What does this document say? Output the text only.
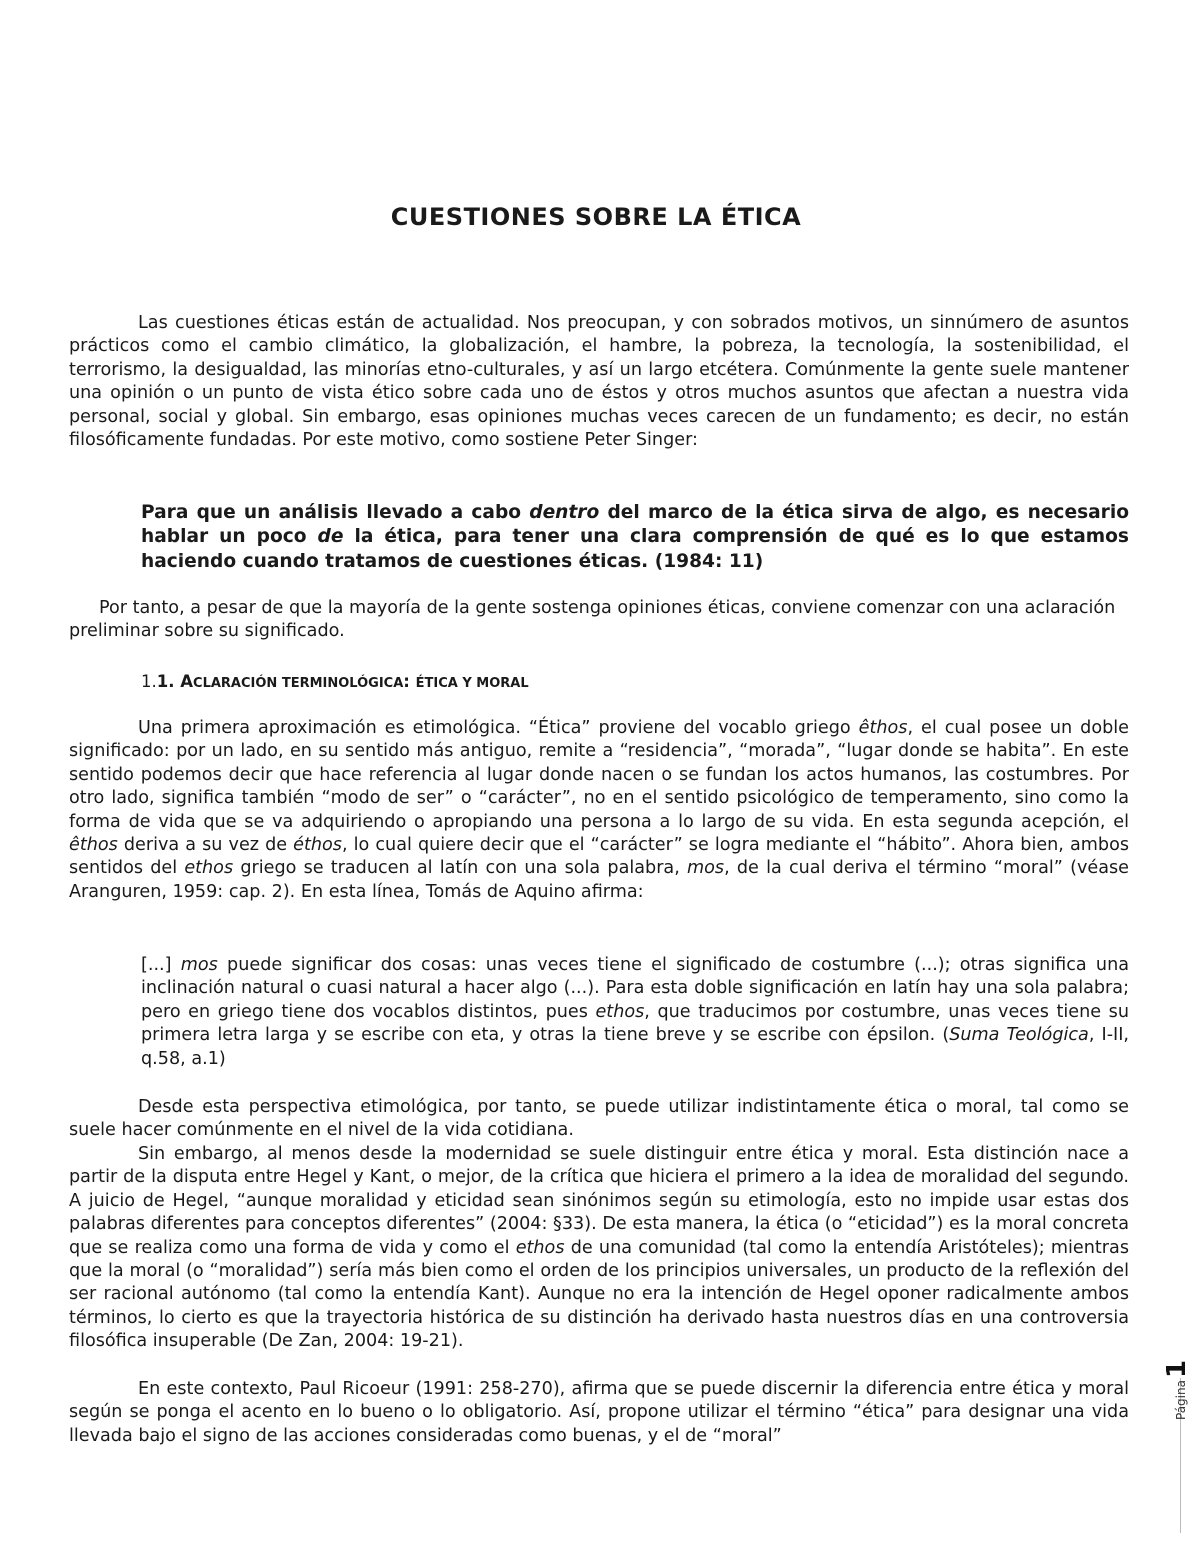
CUESTIONES SOBRE LA ÉTICA
Las cuestiones éticas están de actualidad. Nos preocupan, y con sobrados motivos, un sinnúmero de asuntos prácticos como el cambio climático, la globalización, el hambre, la pobreza, la tecnología, la sostenibilidad, el terrorismo, la desigualdad, las minorías etno-culturales, y así un largo etcétera. Comúnmente la gente suele mantener una opinión o un punto de vista ético sobre cada uno de éstos y otros muchos asuntos que afectan a nuestra vida personal, social y global. Sin embargo, esas opiniones muchas veces carecen de un fundamento; es decir, no están filosóficamente fundadas. Por este motivo, como sostiene Peter Singer:
Para que un análisis llevado a cabo dentro del marco de la ética sirva de algo, es necesario hablar un poco de la ética, para tener una clara comprensión de qué es lo que estamos haciendo cuando tratamos de cuestiones éticas. (1984: 11)
Por tanto, a pesar de que la mayoría de la gente sostenga opiniones éticas, conviene comenzar con una aclaración preliminar sobre su significado.
1.1. ACLARACIÓN TERMINOLÓGICA: ÉTICA Y MORAL
Una primera aproximación es etimológica. “Ética” proviene del vocablo griego êthos, el cual posee un doble significado: por un lado, en su sentido más antiguo, remite a “residencia”, “morada”, “lugar donde se habita”. En este sentido podemos decir que hace referencia al lugar donde nacen o se fundan los actos humanos, las costumbres. Por otro lado, significa también “modo de ser” o “carácter”, no en el sentido psicológico de temperamento, sino como la forma de vida que se va adquiriendo o apropiando una persona a lo largo de su vida. En esta segunda acepción, el êthos deriva a su vez de éthos, lo cual quiere decir que el “carácter” se logra mediante el “hábito”. Ahora bien, ambos sentidos del ethos griego se traducen al latín con una sola palabra, mos, de la cual deriva el término “moral” (véase Aranguren, 1959: cap. 2). En esta línea, Tomás de Aquino afirma:
[...] mos puede significar dos cosas: unas veces tiene el significado de costumbre (...); otras significa una inclinación natural o cuasi natural a hacer algo (...). Para esta doble significación en latín hay una sola palabra; pero en griego tiene dos vocablos distintos, pues ethos, que traducimos por costumbre, unas veces tiene su primera letra larga y se escribe con eta, y otras la tiene breve y se escribe con épsilon. (Suma Teológica, I-II, q.58, a.1)
Desde esta perspectiva etimológica, por tanto, se puede utilizar indistintamente ética o moral, tal como se suele hacer comúnmente en el nivel de la vida cotidiana.
Sin embargo, al menos desde la modernidad se suele distinguir entre ética y moral. Esta distinción nace a partir de la disputa entre Hegel y Kant, o mejor, de la crítica que hiciera el primero a la idea de moralidad del segundo. A juicio de Hegel, “aunque moralidad y eticidad sean sinónimos según su etimología, esto no impide usar estas dos palabras diferentes para conceptos diferentes” (2004: §33). De esta manera, la ética (o “eticidad”) es la moral concreta que se realiza como una forma de vida y como el ethos de una comunidad (tal como la entendía Aristóteles); mientras que la moral (o “moralidad”) sería más bien como el orden de los principios universales, un producto de la reflexión del ser racional autónomo (tal como la entendía Kant). Aunque no era la intención de Hegel oponer radicalmente ambos términos, lo cierto es que la trayectoria histórica de su distinción ha derivado hasta nuestros días en una controversia filosófica insuperable (De Zan, 2004: 19-21).
En este contexto, Paul Ricoeur (1991: 258-270), afirma que se puede discernir la diferencia entre ética y moral según se ponga el acento en lo bueno o lo obligatorio. Así, propone utilizar el término “ética” para designar una vida llevada bajo el signo de las acciones consideradas como buenas, y el de “moral”
Página1
